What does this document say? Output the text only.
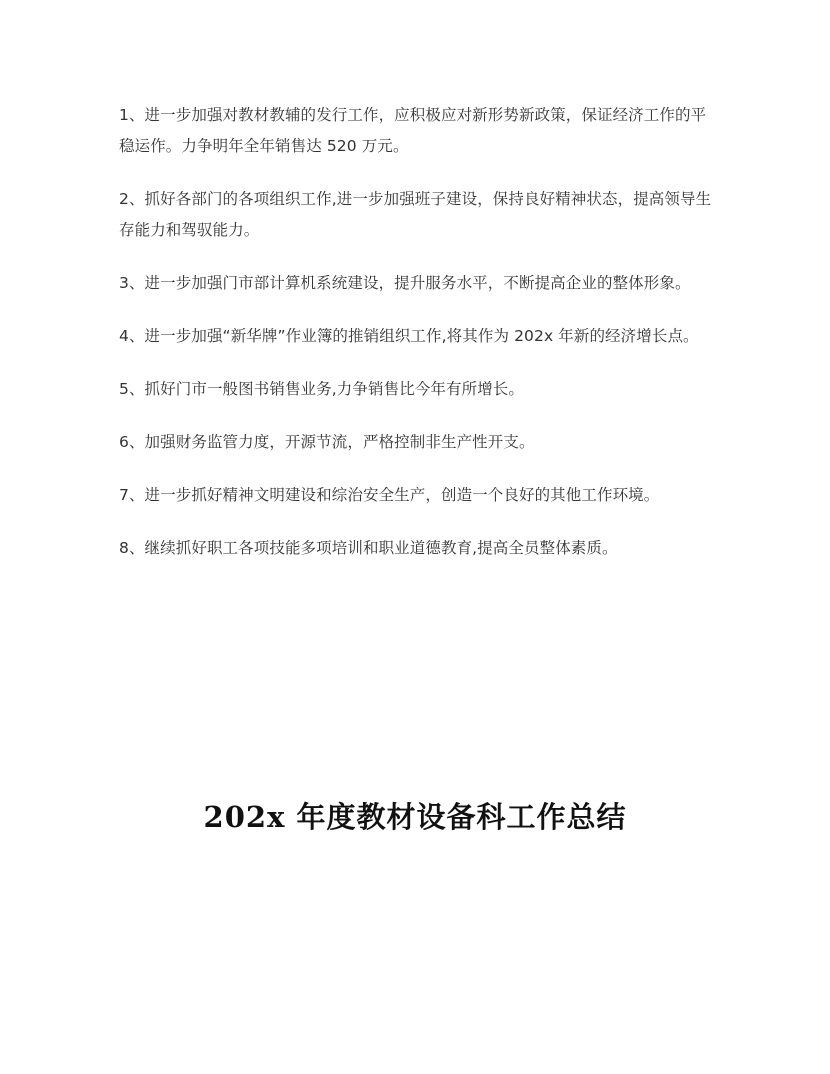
1、进一步加强对教材教辅的发行工作，应积极应对新形势新政策，保证经济工作的平稳运作。力争明年全年销售达 520 万元。

2、抓好各部门的各项组织工作,进一步加强班子建设，保持良好精神状态，提高领导生存能力和驾驭能力。

3、进一步加强门市部计算机系统建设，提升服务水平，不断提高企业的整体形象。

4、进一步加强“新华牌”作业簿的推销组织工作,将其作为 202x 年新的经济增长点。

5、抓好门市一般图书销售业务,力争销售比今年有所增长。

6、加强财务监管力度，开源节流，严格控制非生产性开支。

7、进一步抓好精神文明建设和综治安全生产，创造一个良好的其他工作环境。

8、继续抓好职工各项技能多项培训和职业道德教育,提高全员整体素质。

202x 年度教材设备科工作总结
